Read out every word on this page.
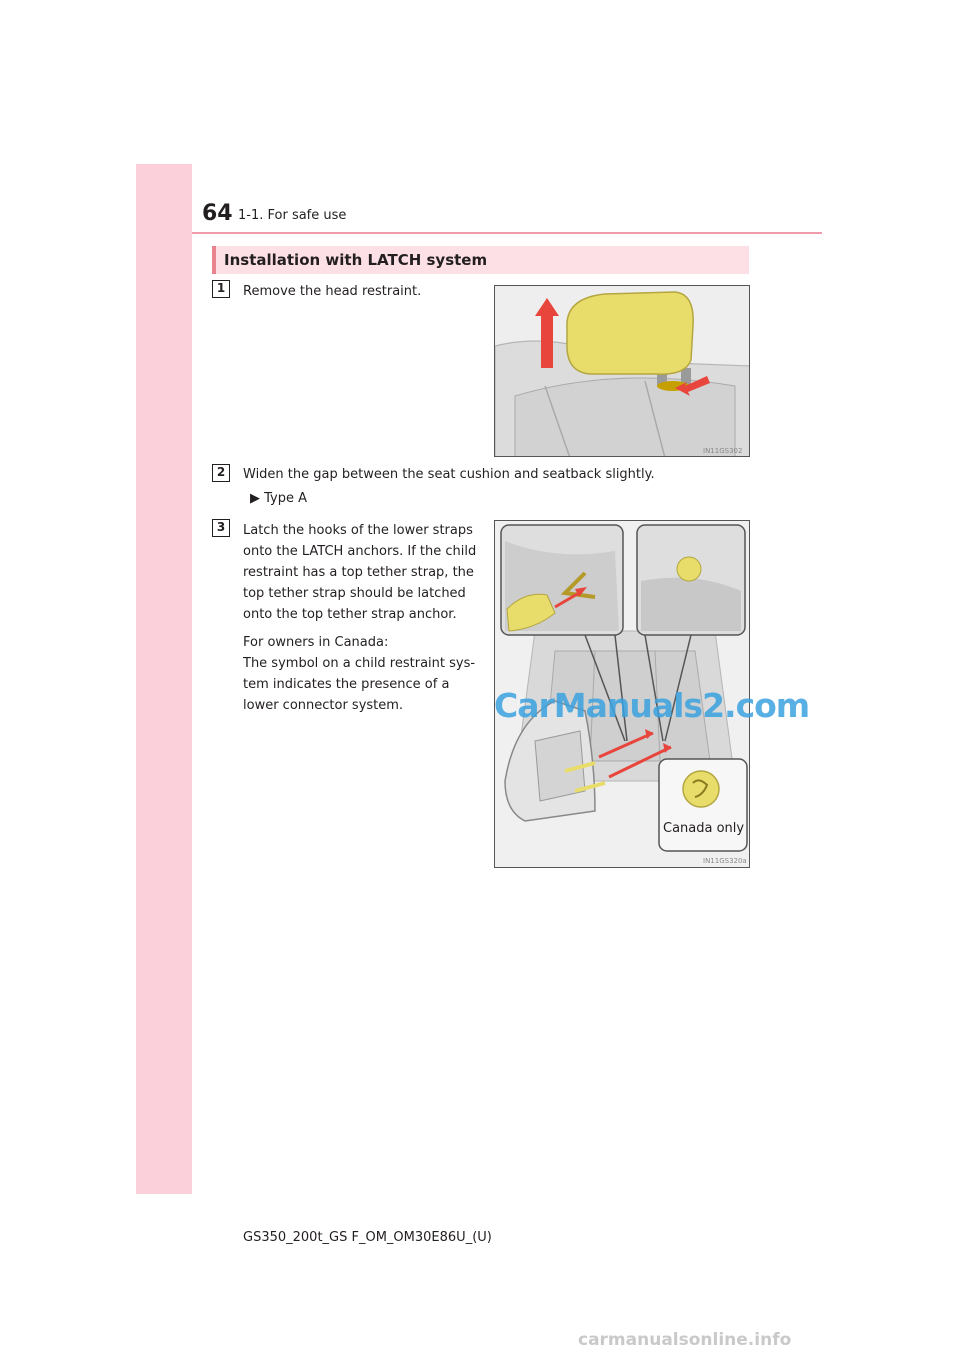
64 1-1. For safe use
Installation with LATCH system
1	Remove the head restraint.
IN11GS302
2	Widen the gap between the seat cushion and seatback slightly.
▶ Type A
3	Latch the hooks of the lower straps
onto the LATCH anchors. If the child
restraint has a top tether strap, the
top tether strap should be latched
onto the top tether strap anchor.
For owners in Canada:
The symbol on a child restraint sys-
tem indicates the presence of a
lower connector system.
IN11GS320a
Canada only
CarManuals2.com
GS350_200t_GS F_OM_OM30E86U_(U)
carmanualsonline.info
